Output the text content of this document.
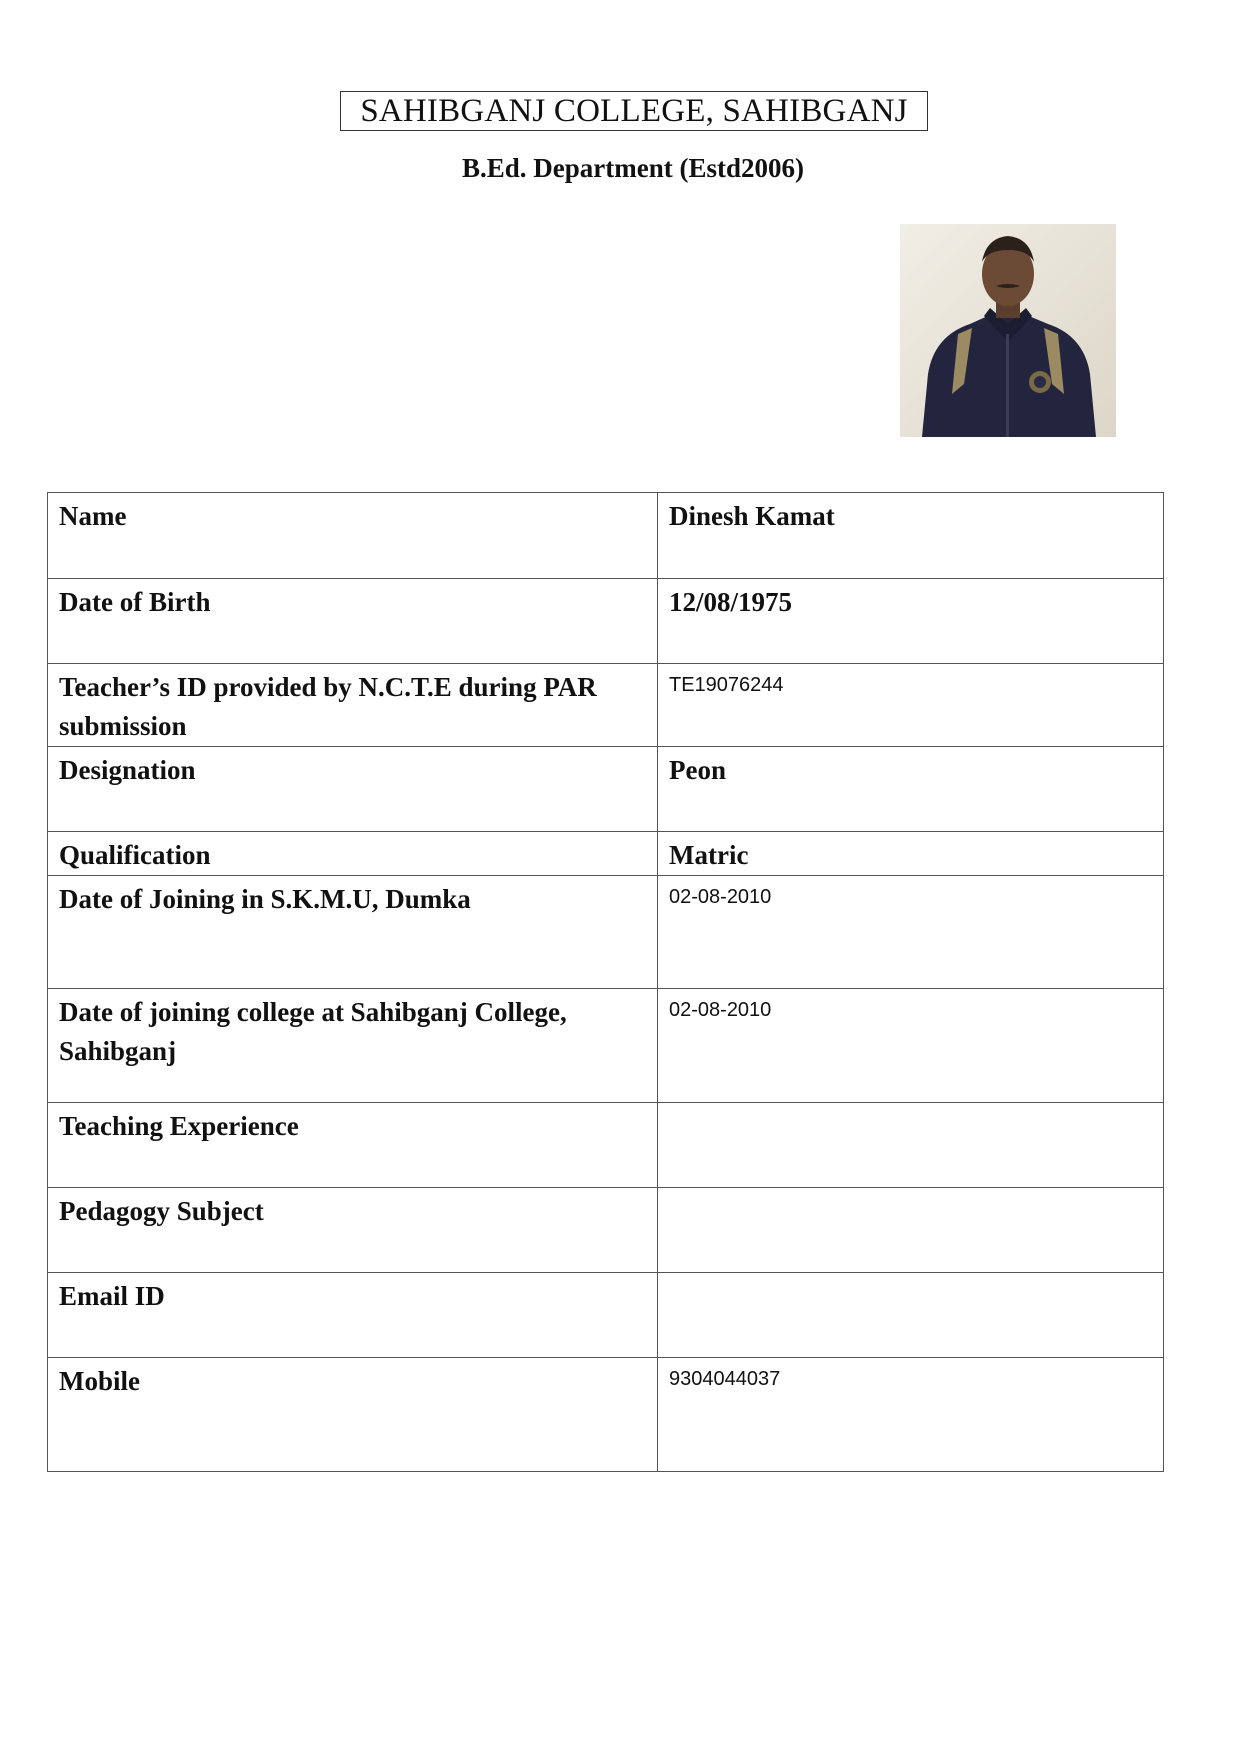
SAHIBGANJ COLLEGE, SAHIBGANJ
B.Ed. Department (Estd2006)
Name	Dinesh Kamat
Date of Birth	12/08/1975
Teacher’s ID provided by N.C.T.E during PAR submission	TE19076244
Designation	Peon
Qualification	Matric
Date of Joining in S.K.M.U, Dumka	02-08-2010
Date of joining college at Sahibganj College, Sahibganj	02-08-2010
Teaching Experience	
Pedagogy Subject	
Email ID	
Mobile	9304044037
